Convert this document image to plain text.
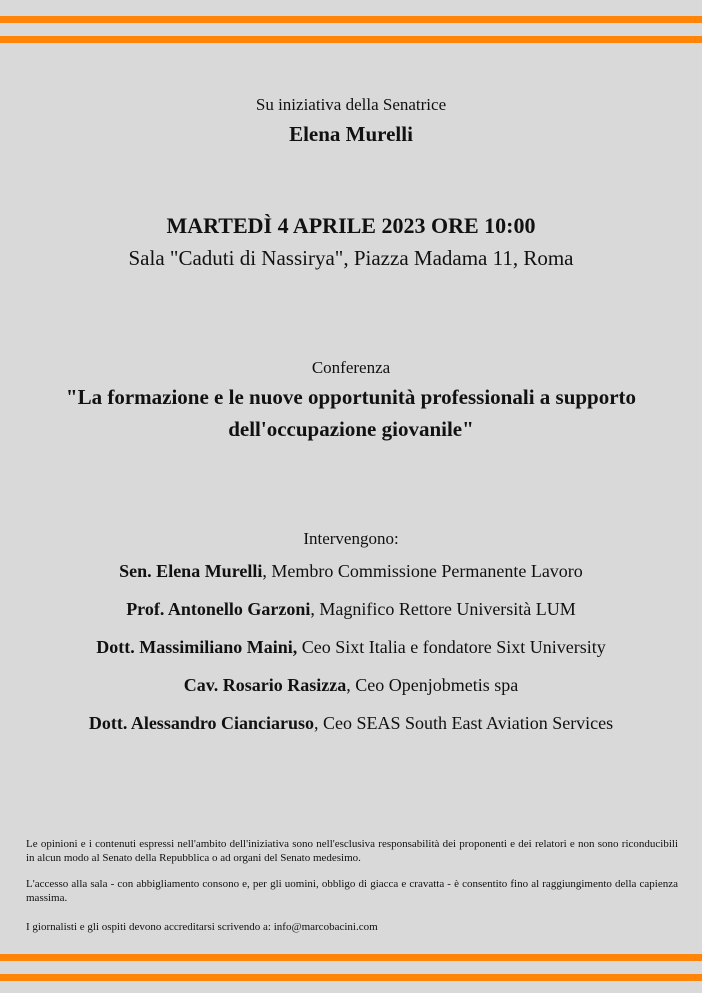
Su iniziativa della Senatrice
Elena Murelli
MARTEDÌ 4 APRILE 2023 ORE 10:00
Sala "Caduti di Nassirya", Piazza Madama 11, Roma
Conferenza
"La formazione e le nuove opportunità professionali a supporto
dell'occupazione giovanile"
Intervengono:
Sen. Elena Murelli, Membro Commissione Permanente Lavoro
Prof. Antonello Garzoni, Magnifico Rettore Università LUM
Dott. Massimiliano Maini, Ceo Sixt Italia e fondatore Sixt University
Cav. Rosario Rasizza, Ceo Openjobmetis spa
Dott. Alessandro Cianciaruso, Ceo SEAS South East Aviation Services

Le opinioni e i contenuti espressi nell'ambito dell'iniziativa sono nell'esclusiva responsabilità dei proponenti e dei relatori e non sono riconducibili in alcun modo al Senato della Repubblica o ad organi del Senato medesimo.

L'accesso alla sala - con abbigliamento consono e, per gli uomini, obbligo di giacca e cravatta - è consentito fino al raggiungimento della capienza massima.

I giornalisti e gli ospiti devono accreditarsi scrivendo a: info@marcobacini.com
